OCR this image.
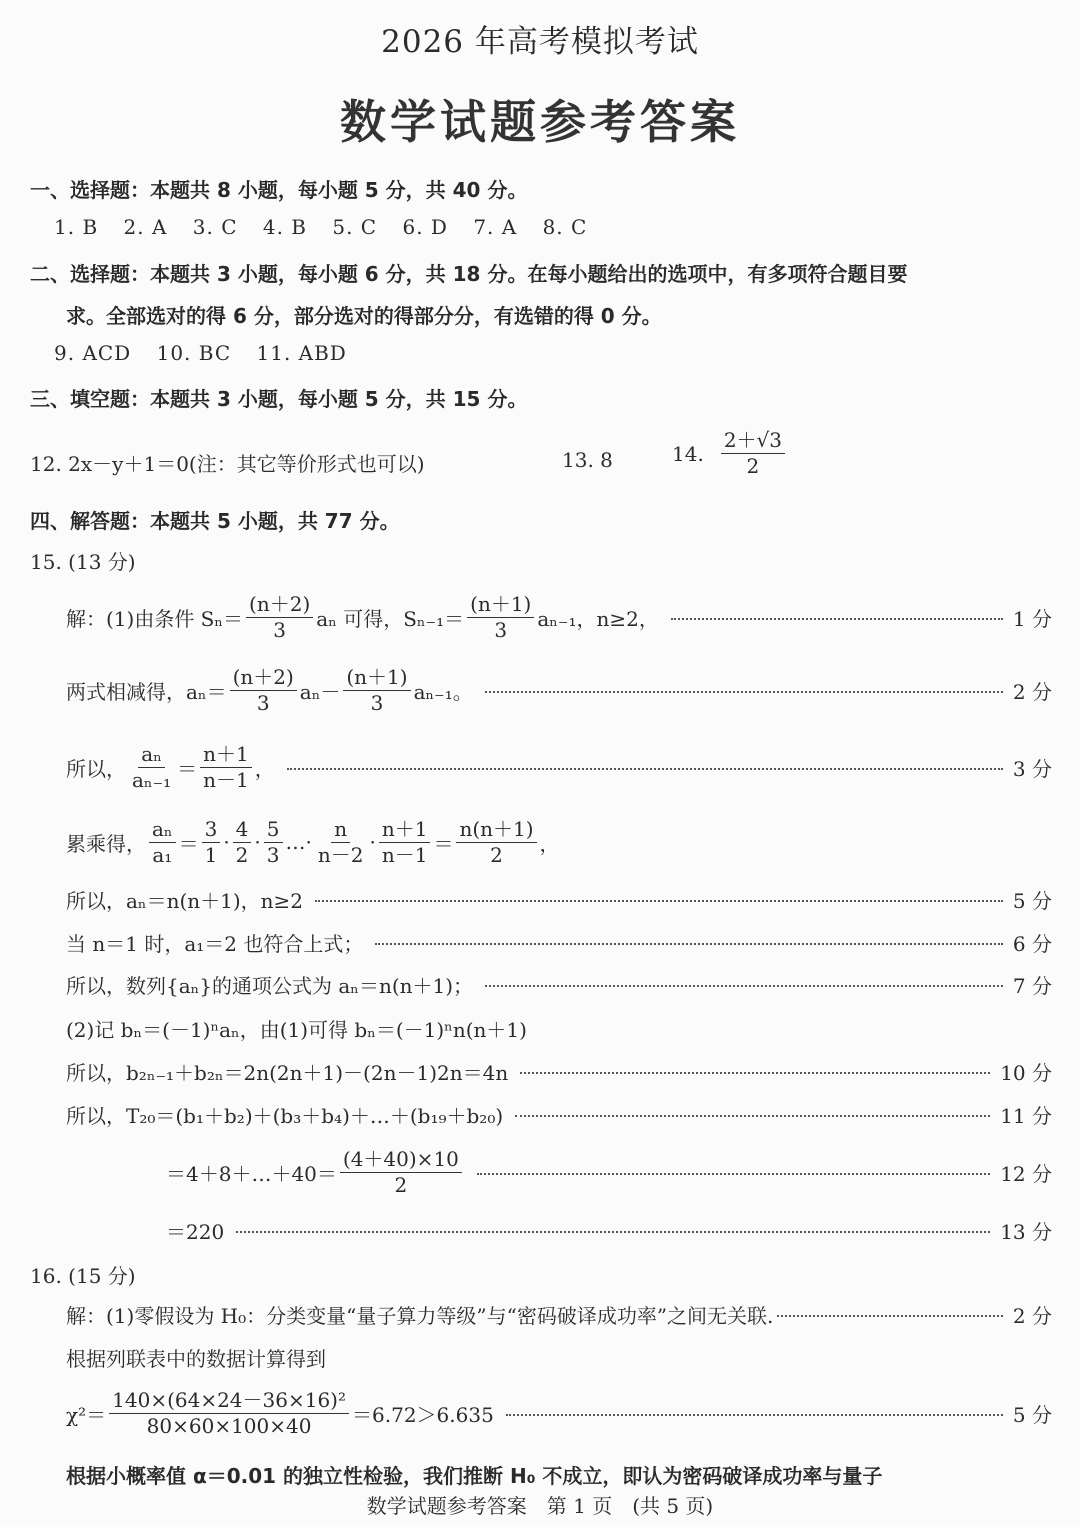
2026 年高考模拟考试
数学试题参考答案
一、选择题：本题共 8 小题，每小题 5 分，共 40 分。
1. B 2. A 3. C 4. B 5. C 6. D 7. A 8. C
二、选择题：本题共 3 小题，每小题 6 分，共 18 分。在每小题给出的选项中，有多项符合题目要
求。全部选对的得 6 分，部分选对的得部分分，有选错的得 0 分。
9. ACD 10. BC 11. ABD
三、填空题：本题共 3 小题，每小题 5 分，共 15 分。
12. 2x－y＋1＝0(注：其它等价形式也可以)	13. 8	14. $\frac{2+√3}{2}$
四、解答题：本题共 5 小题，共 77 分。
15. (13 分)
解：(1)由条件 $S_n= \frac{(n+2)}{3}$ aₙ 可得，$S_{n-1}= \frac{(n+1)}{3} a_{n-1}$，n≥2，	1 分
两式相减得，$a_n= \frac{(n+2)}{3} a_n- \frac{(n+1)}{3} a_{n-1}$。	2 分
所以， $\frac{\text{aₙ}}{\text{aₙ₋₁}} = \frac{n+1}{n-1}$ ，	3 分
累乘得， $\frac{\text{aₙ}}{\text{a₁}} = \frac{3}{1} \cdot \frac{4}{2} \cdot \frac{5}{3}$ … · $\frac{n}{n-2} \cdot \frac{n+1}{n-1} = \frac{n(n+1)}{2}$ ，
所以，aₙ＝n(n＋1)，n≥2	5 分
当 n＝1 时，a₁＝2 也符合上式；	6 分
所以，数列{aₙ}的通项公式为 aₙ＝n(n＋1)；	7 分
(2)记 bₙ＝(－1)ⁿaₙ，由(1)可得 bₙ＝(－1)ⁿn(n＋1)
所以，b₂ₙ₋₁＋b₂ₙ＝2n(2n＋1)－(2n－1)2n＝4n	10 分
所以，T₂₀＝(b₁＋b₂)＋(b₃＋b₄)＋…＋(b₁₉＋b₂₀)	11 分
＝4＋8＋…＋40＝ $\frac{(4+40)\times 10}{2}$	12 分
＝220	13 分
16. (15 分)
解：(1)零假设为 H₀：分类变量“量子算力等级”与“密码破译成功率”之间无关联.	2 分
根据列联表中的数据计算得到
$\chi^2= \frac{\text{140×(64×24－36×16)²}}{80\times 60\times 100\times 40} =6.72>6.635$	5 分
根据小概率值 α＝0.01 的独立性检验，我们推断 H₀ 不成立，即认为密码破译成功率与量子
数学试题参考答案　第 1 页　(共 5 页)
